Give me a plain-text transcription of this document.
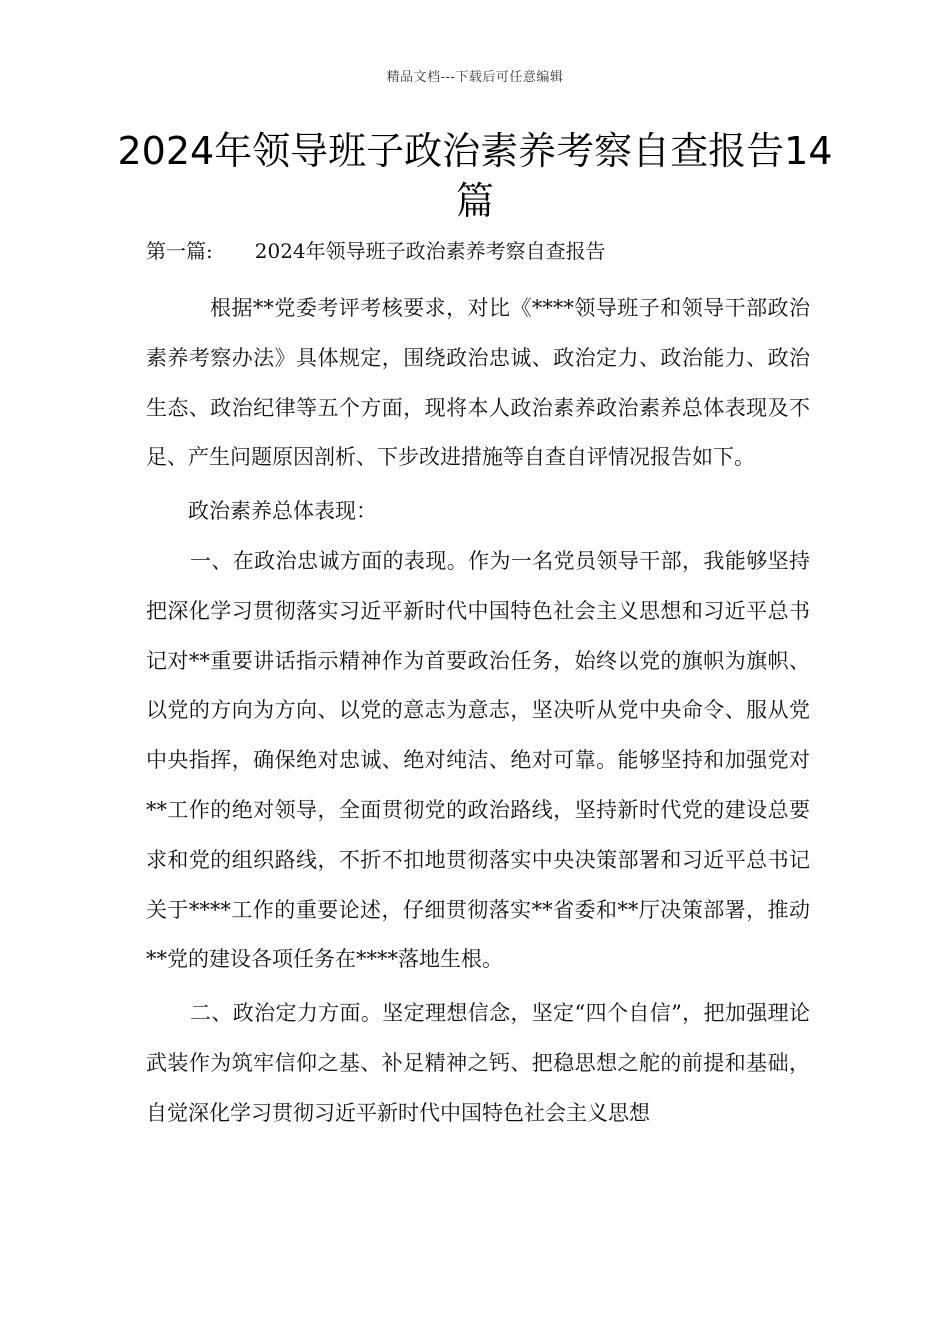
精品文档---下载后可任意编辑
2024年领导班子政治素养考察自查报告14篇
第一篇: 2024年领导班子政治素养考察自查报告

根据**党委考评考核要求，对比《****领导班子和领导干部政治素养考察办法》具体规定，围绕政治忠诚、政治定力、政治能力、政治生态、政治纪律等五个方面，现将本人政治素养政治素养总体表现及不足、产生问题原因剖析、下步改进措施等自查自评情况报告如下。

政治素养总体表现：

一、在政治忠诚方面的表现。作为一名党员领导干部，我能够坚持把深化学习贯彻落实习近平新时代中国特色社会主义思想和习近平总书记对**重要讲话指示精神作为首要政治任务，始终以党的旗帜为旗帜、以党的方向为方向、以党的意志为意志，坚决听从党中央命令、服从党中央指挥，确保绝对忠诚、绝对纯洁、绝对可靠。能够坚持和加强党对**工作的绝对领导，全面贯彻党的政治路线，坚持新时代党的建设总要求和党的组织路线，不折不扣地贯彻落实中央决策部署和习近平总书记关于****工作的重要论述，仔细贯彻落实**省委和**厅决策部署，推动**党的建设各项任务在****落地生根。

二、政治定力方面。坚定理想信念，坚定“四个自信”，把加强理论武装作为筑牢信仰之基、补足精神之钙、把稳思想之舵的前提和基础，自觉深化学习贯彻习近平新时代中国特色社会主义思想
